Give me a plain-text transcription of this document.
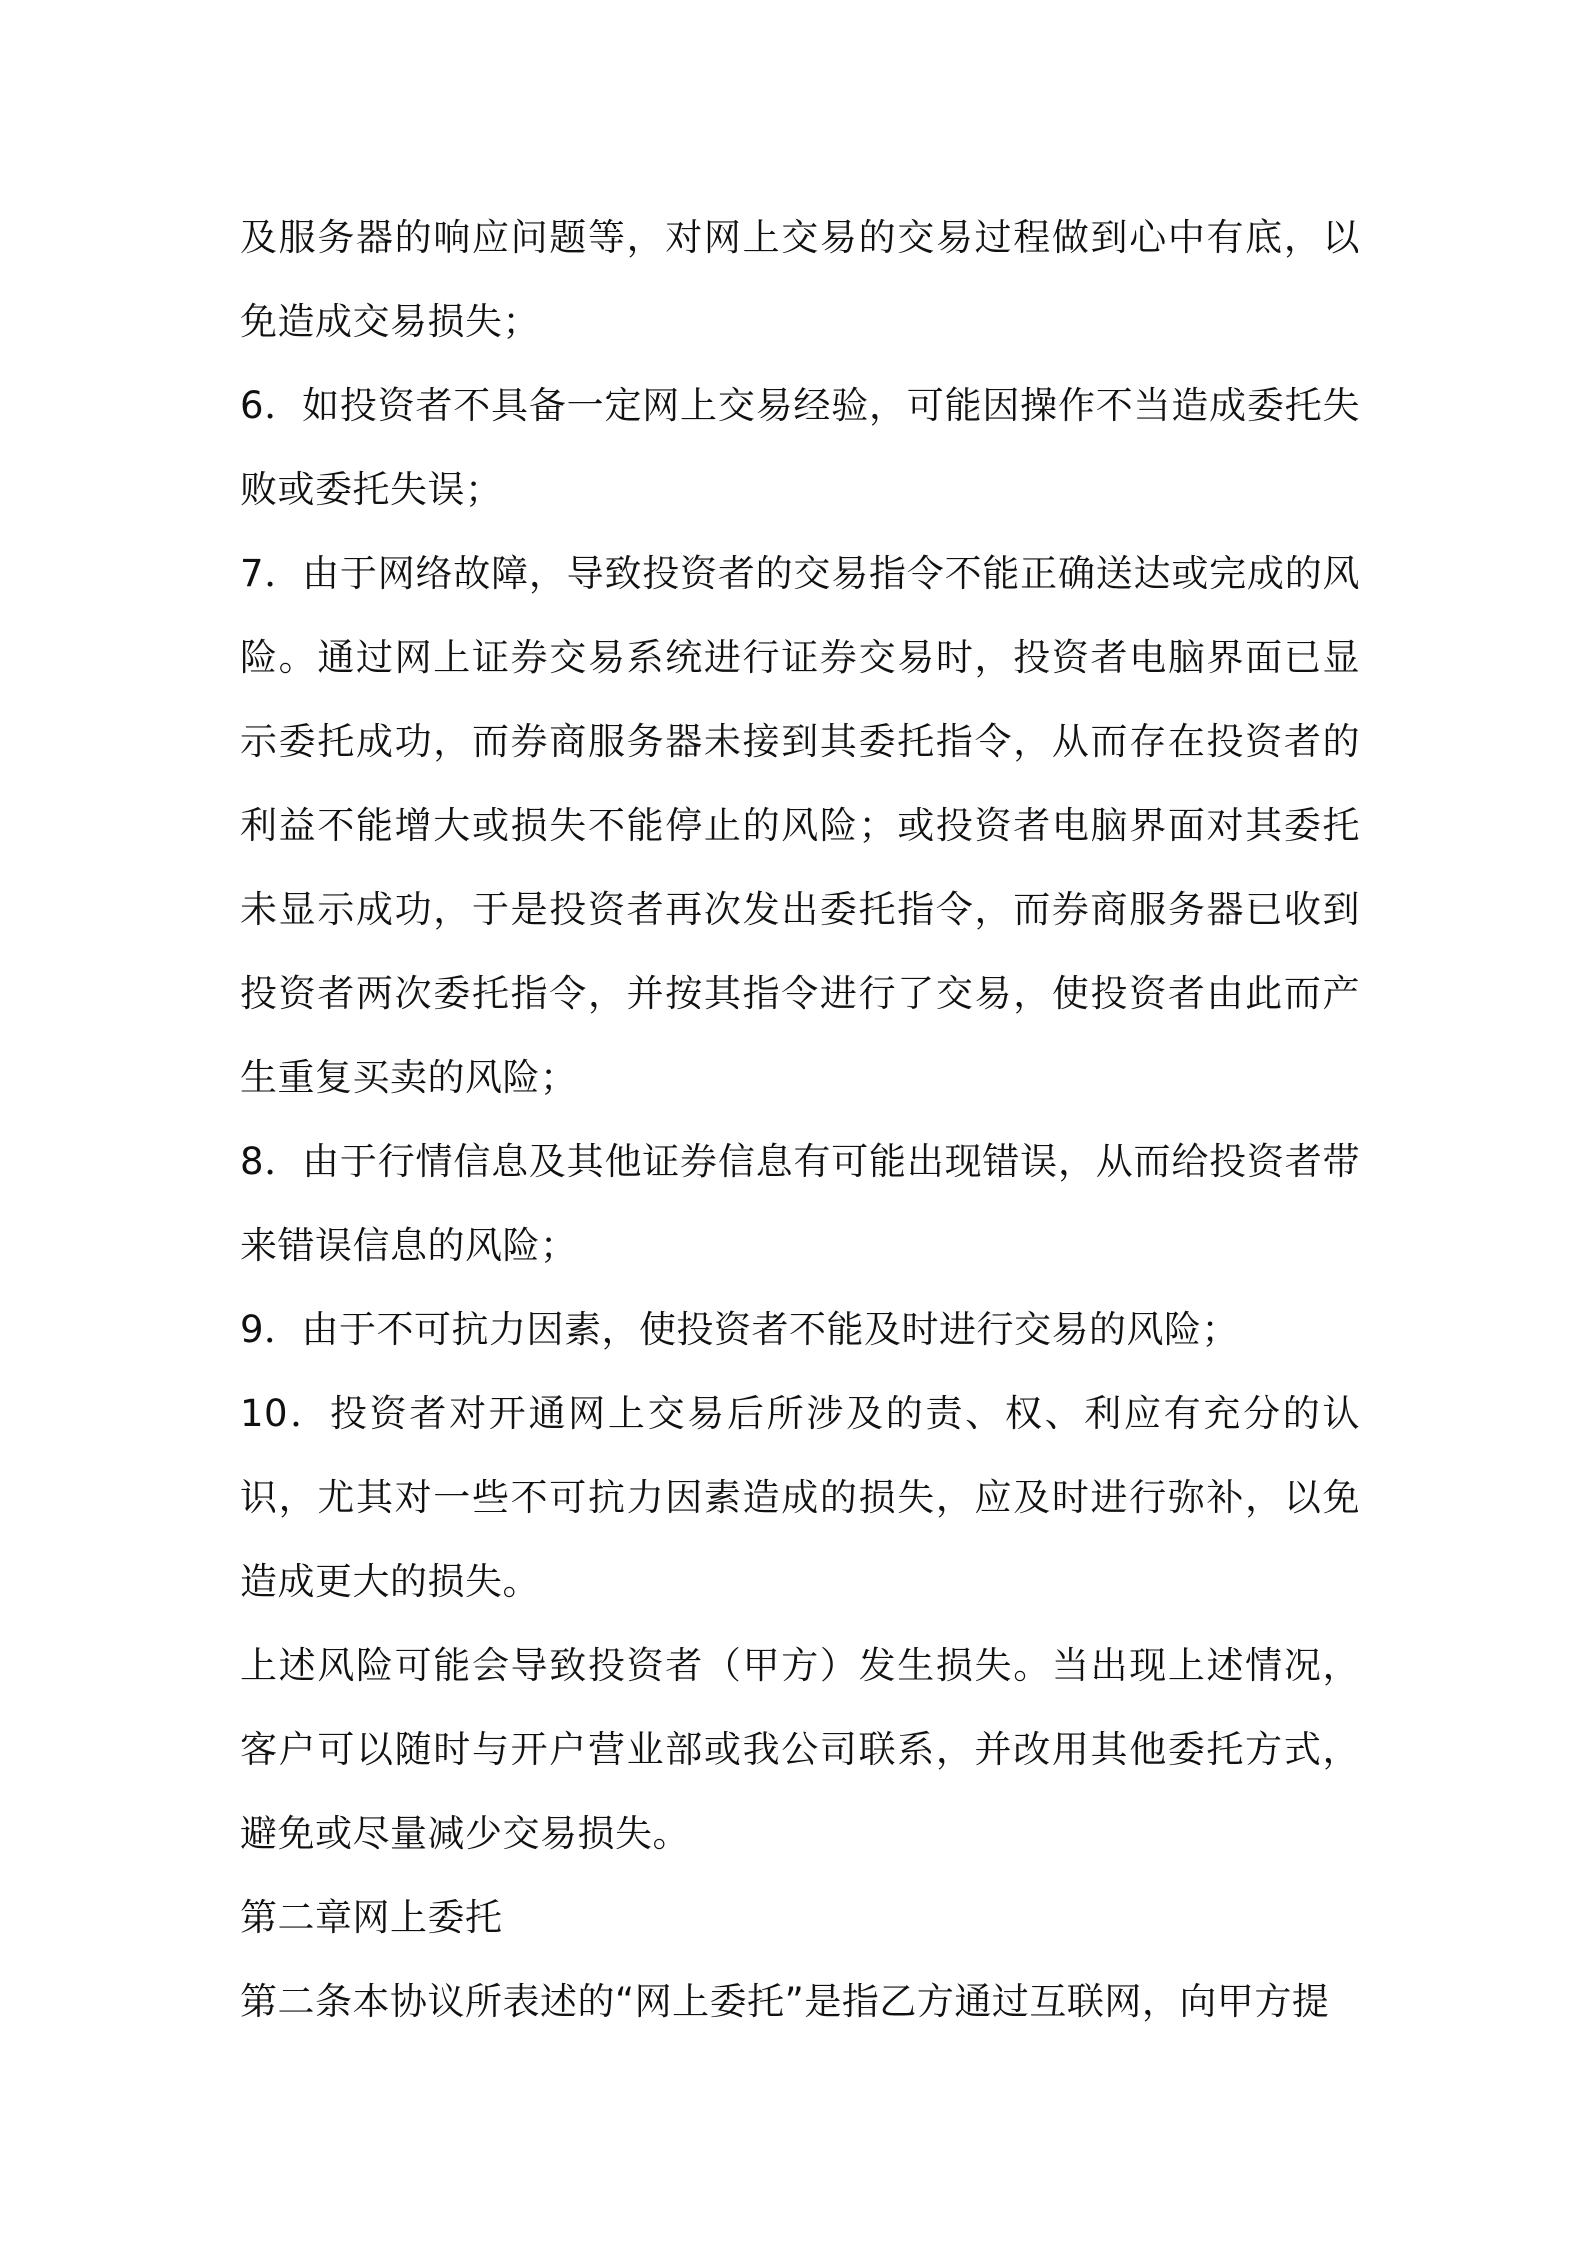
及服务器的响应问题等，对网上交易的交易过程做到心中有底，以免造成交易损失；

6．如投资者不具备一定网上交易经验，可能因操作不当造成委托失败或委托失误；

7．由于网络故障，导致投资者的交易指令不能正确送达或完成的风险。通过网上证券交易系统进行证券交易时，投资者电脑界面已显示委托成功，而券商服务器未接到其委托指令，从而存在投资者的利益不能增大或损失不能停止的风险；或投资者电脑界面对其委托未显示成功，于是投资者再次发出委托指令，而券商服务器已收到投资者两次委托指令，并按其指令进行了交易，使投资者由此而产生重复买卖的风险；

8．由于行情信息及其他证券信息有可能出现错误，从而给投资者带来错误信息的风险；

9．由于不可抗力因素，使投资者不能及时进行交易的风险；

10．投资者对开通网上交易后所涉及的责、权、利应有充分的认识，尤其对一些不可抗力因素造成的损失，应及时进行弥补，以免造成更大的损失。

上述风险可能会导致投资者（甲方）发生损失。当出现上述情况，客户可以随时与开户营业部或我公司联系，并改用其他委托方式，避免或尽量减少交易损失。

第二章网上委托

第二条本协议所表述的“网上委托”是指乙方通过互联网，向甲方提
